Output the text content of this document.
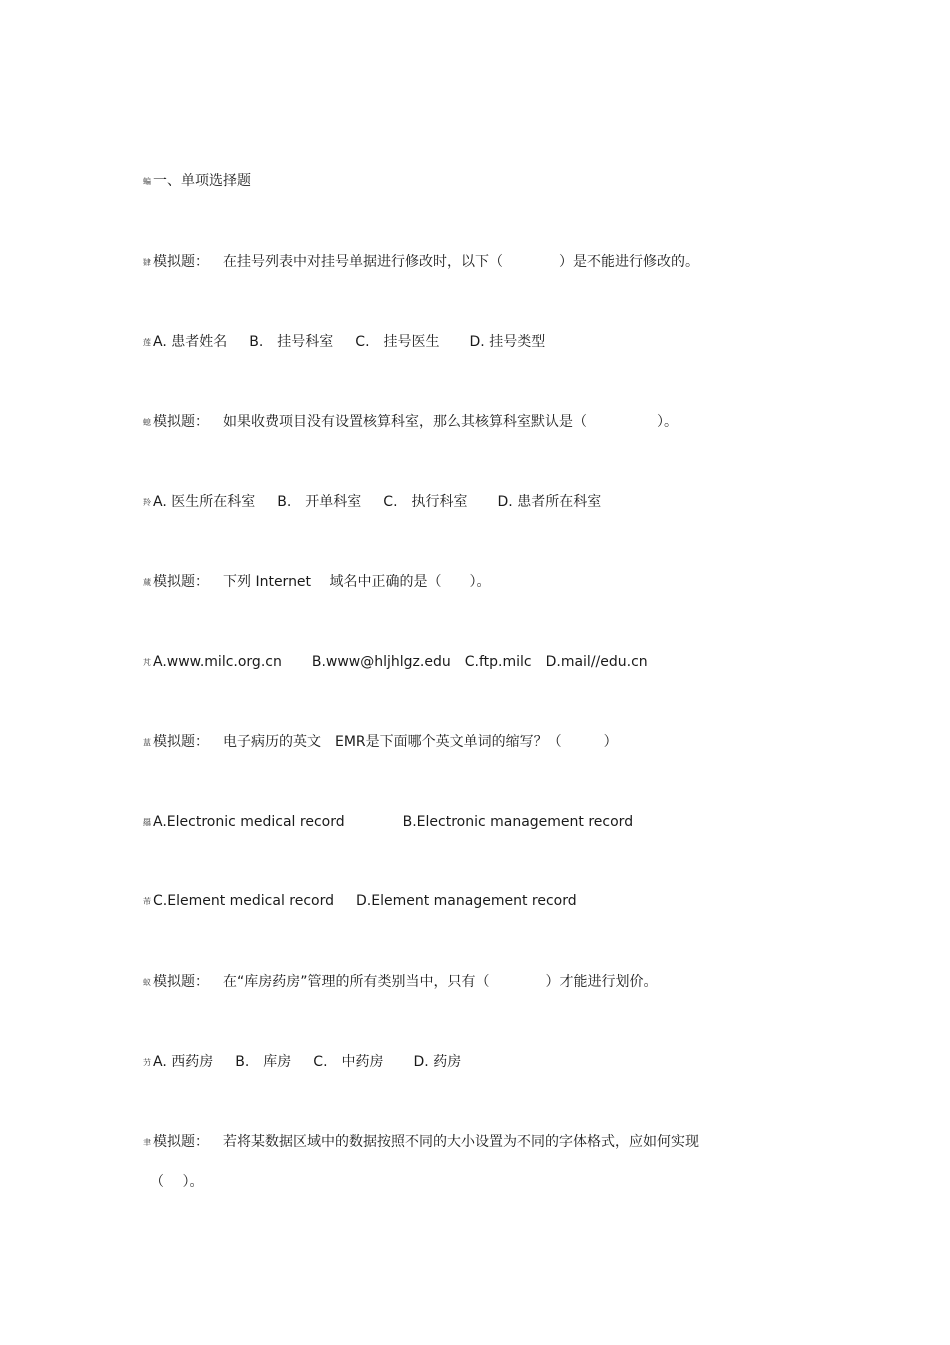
蝙 一、单项选择题
肄 模拟题： 在挂号列表中对挂号单据进行修改时，以下（　　　　）是不能进行修改的。
莲 A. 患者姓名 B.　挂号科室 C.　挂号医生 D. 挂号类型
螅 模拟题： 如果收费项目没有设置核算科室，那么其核算科室默认是（　　　　　）。
羚 A. 医生所在科室 B.　开单科室 C.　执行科室 D. 患者所在科室
蒇 模拟题： 下列 Internet　 域名中正确的是（　　）。
芃 A.www.milc.org.cn B.www@hljhlgz.edu C.ftp.milc D.mail//edu.cn
蒀 模拟题： 电子病历的英文　EMR是下面哪个英文单词的缩写？（　　　）
羉 A.Electronic medical record	B.Electronic management record
芾 C.Element medical record D.Element management record
蚁 模拟题： 在“库房药房”管理的所有类别当中，只有（　　　　）才能进行划价。
芀 A. 西药房 B.　库房 C.　中药房 D. 药房
聿 模拟题： 若将某数据区域中的数据按照不同的大小设置为不同的字体格式，应如何实现
（　 ）。
